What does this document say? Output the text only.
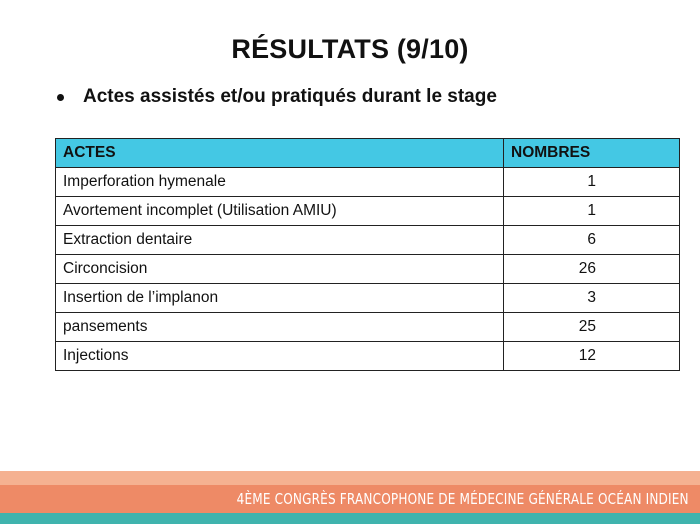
RÉSULTATS (9/10)
Actes assistés et/ou pratiqués durant le stage
ACTES	NOMBRES
Imperforation hymenale	1
Avortement incomplet (Utilisation AMIU)	1
Extraction dentaire	6
Circoncision	26
Insertion de l’implanon	3
pansements	25
Injections	12
4ÈME CONGRÈS FRANCOPHONE DE MÉDECINE GÉNÉRALE OCÉAN INDIEN
